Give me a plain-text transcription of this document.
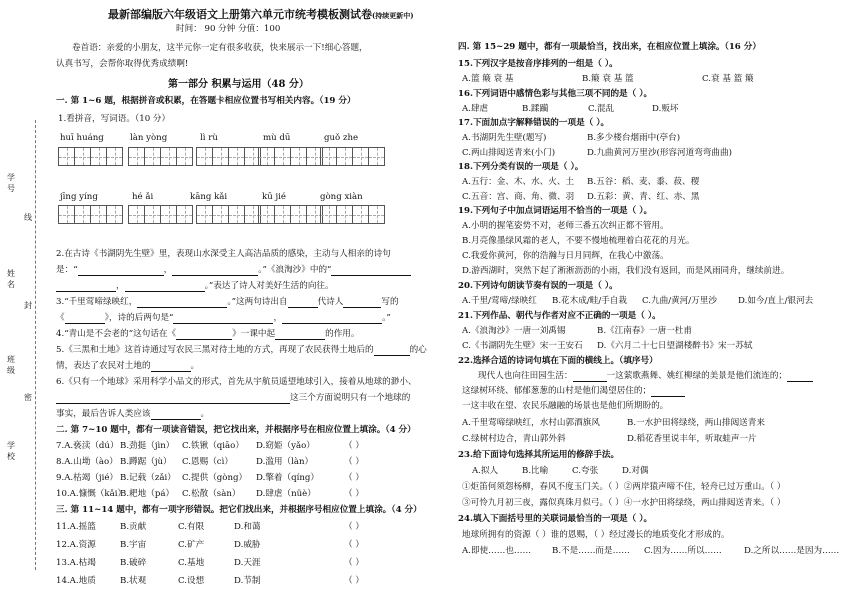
学号
线
姓名
封
班级
密
学校
最新部编版六年级语文上册第六单元市统考模板测试卷(持续更新中)
时间： 90 分钟 分值：100
卷首语：亲爱的小朋友，这半元你一定有很多收获，快来展示一下!细心答题，
认真书写，会帮你取得优秀成绩啊!
第一部分 积累与运用（48 分）
一. 第 1~6 题，根据拼音或积累，在答题卡相应位置书写相关内容。（19 分）
1.看拼音，写词语。（10 分）
huī huáng	làn yòng	lì rù	mù dū	guǒ zhe
jīng yíng	hé ǎi	kāng kǎi	kū jié	gòng xiàn
2.在古诗《书湖阴先生壁》里，表现山水深受主人高洁品质的感染，主动与人相亲的诗句
是：“	，	。”《浪淘沙》中的“
，	。”表达了诗人对美好生活的向往。
3.“千里莺啼绿映红，	。”这两句诗出自	代诗人	写的
《	》，诗的后两句是“	，	。”
4.“青山是不会老的”这句话在《	》一课中起	的作用。
5.《三黑和土地》这首诗通过写农民三黑对待土地的方式，再现了农民获得土地后的	的心
情，表达了农民对土地的	。
6.《只有一个地球》采用科学小品文的形式，首先从宇航员遥望地球引入，接着从地球的渺小、
这三个方面说明只有一个地球的
事实，最后告诉人类应该	。
二. 第 7~10 题中，都有一项读音错误，把它找出来，并根据序号在相应位置上填涂。（4 分）
7.A.亵渎（dú）B.劲挺（jìn） C.铁锹（qiāo） D.窈姫（yǎo）	（ ）
8.A.山坳（ào） B.蹲踞（jù） C.恩赐（cì）	D.滥用（làn）	（ ）
9.A.枯竭（jié） B.记载（zǎi） C.提供（gòng） D.擎着（qíng）	（ ）
10.A.慷慨（kǎi）B.耙地（pá） C.松散（sàn） D.肆虐（nüè）	（ ）
三. 第 11~14 题中，都有一项字形错误。把它们找出来，并根据序号相应位置上填涂。（4 分）
11.A.摇篮	B.贡献	C.有限	D.和蔼	（ ）
12.A.资源	B.宇宙	C.矿产	D.威胁	（ ）
13.A.枯竭	B.破碎	C.基地	D.天涯	（ ）
14.A.地质	B.状观	C.设想	D.节制	（ ）
四. 第 15~29 题中，都有一项最恰当，找出来，在相应位置上填涂。（16 分）
15.下列汉字是按音序排列的一组是（ ）。
A.篮 簸 衰 基	B.簸 衰 基 篮	C.衰 基 篮 簸
16.下列词语中感情色彩与其他三项不同的是（ ）。
A.肆虐	B.蹂躏	C.混乱	D.贩坏
17.下面加点字解释错误的一项是（ ）。
A.书湖阴先生壁(题写)	B.多少楼台烟雨中(亭台)
C.两山排闼送青来(小门)	D.九曲黄河万里沙(形容河道弯弯曲曲)
18.下列分类有误的一项是（ ）。
A.五行：金、木、水、火、土 B.五谷：稻、麦、黍、菽、稷
C.五音：宫、商、角、微、羽 D.五彩：黄、青、红、赤、黑
19.下列句子中加点词语运用不恰当的一项是（ ）。
A.小明的握笔姿势不对，老师三番五次纠正都不管用。
B.月亮像墨绿风霜的老人，不要不慢地梳理着白花花的月光。
C.我爱你黄河，你的浩瀚与日月同辉，在我心中激荡。
D.游西湖时，突然下起了淅淅沥沥的小雨，我们没有返回，而是风雨同舟，继续前进。
20.下列诗句朗读节奏有误的一项是（ ）。
A.千里/莺啼/绿映红 B.花木成/畦/手自栽 C.九曲/黄河/万里沙 D.如今/直上/银河去
21.下列作品、朝代与作者对应不正确的一项是（ ）。
A.《浪淘沙》一唐一刘禹锡	B.《江南春》一唐一杜甫
C.《书湖阴先生壁》宋一王安石 D.《六月二十七日望湖楼醉书》宋一苏轼
22.选择合适的诗词句填在下面的横线上。（填序号）
现代人也向往田园生活：	一这萦歌燕舞、姚红柳绿的美景是他们流连的；
这绿树环绕、郁郁葱葱的山村是他们渴望居住的；
一这丰收在望、农民乐融融的场景也是他们所期盼的。
A.千里莺啼绿映红，水村山郭酒旗风	B.一水护田将绿绕，两山排闼送青来
C.绿树村边合，青山郭外斜	D.稻花香里说丰年，听取蛙声一片
23.给下面诗句选择其所运用的修辞手法。
A.拟人	B.比喻	C.夸张	D.对偶
①炬笛何须怨杨柳，春风不度玉门关。（ ）②两岸猿声啼不住，轻舟已过万重山。（ ）
③可怜九月初三夜，露似真珠月似弓。（ ）④一水护田将绿绕，两山排闼送青来。（ ）
24.填入下面括号里的关联词最恰当的一项是（ ）。
地球所拥有的资源（ ）谁的恩赐，（ ）经过漫长的地质变化才形成的。
A.即使……也…… B.不是……而是…… C.因为……所以……	D.之所以……是因为……
